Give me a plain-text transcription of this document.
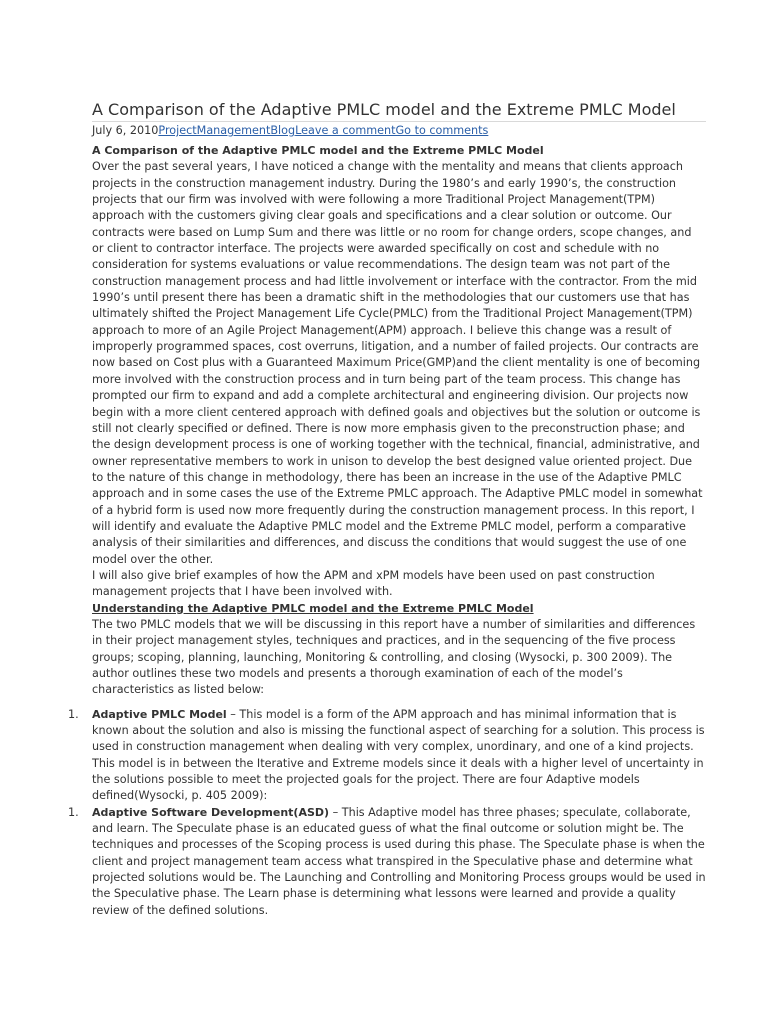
A Comparison of the Adaptive PMLC model and the Extreme PMLC Model
July 6, 2010ProjectManagementBlogLeave a commentGo to comments

A Comparison of the Adaptive PMLC model and the Extreme PMLC Model

Over the past several years, I have noticed a change with the mentality and means that clients approach projects in the construction management industry. During the 1980’s and early 1990’s, the construction projects that our firm was involved with were following a more Traditional Project Management(TPM) approach with the customers giving clear goals and specifications and a clear solution or outcome. Our contracts were based on Lump Sum and there was little or no room for change orders, scope changes, and or client to contractor interface. The projects were awarded specifically on cost and schedule with no consideration for systems evaluations or value recommendations. The design team was not part of the construction management process and had little involvement or interface with the contractor. From the mid 1990’s until present there has been a dramatic shift in the methodologies that our customers use that has ultimately shifted the Project Management Life Cycle(PMLC) from the Traditional Project Management(TPM) approach to more of an Agile Project Management(APM) approach. I believe this change was a result of improperly programmed spaces, cost overruns, litigation, and a number of failed projects. Our contracts are now based on Cost plus with a Guaranteed Maximum Price(GMP)and the client mentality is one of becoming more involved with the construction process and in turn being part of the team process. This change has prompted our firm to expand and add a complete architectural and engineering division. Our projects now begin with a more client centered approach with defined goals and objectives but the solution or outcome is still not clearly specified or defined. There is now more emphasis given to the preconstruction phase; and the design development process is one of working together with the technical, financial, administrative, and owner representative members to work in unison to develop the best designed value oriented project. Due to the nature of this change in methodology, there has been an increase in the use of the Adaptive PMLC approach and in some cases the use of the Extreme PMLC approach. The Adaptive PMLC model in somewhat of a hybrid form is used now more frequently during the construction management process. In this report, I will identify and evaluate the Adaptive PMLC model and the Extreme PMLC model, perform a comparative analysis of their similarities and differences, and discuss the conditions that would suggest the use of one model over the other.

I will also give brief examples of how the APM and xPM models have been used on past construction management projects that I have been involved with.

Understanding the Adaptive PMLC model and the Extreme PMLC Model

The two PMLC models that we will be discussing in this report have a number of similarities and differences in their project management styles, techniques and practices, and in the sequencing of the five process groups; scoping, planning, launching, Monitoring & controlling, and closing (Wysocki, p. 300 2009). The author outlines these two models and presents a thorough examination of each of the model’s characteristics as listed below:

1. Adaptive PMLC Model – This model is a form of the APM approach and has minimal information that is known about the solution and also is missing the functional aspect of searching for a solution. This process is used in construction management when dealing with very complex, unordinary, and one of a kind projects. This model is in between the Iterative and Extreme models since it deals with a higher level of uncertainty in the solutions possible to meet the projected goals for the project. There are four Adaptive models defined(Wysocki, p. 405 2009):
1. Adaptive Software Development(ASD) – This Adaptive model has three phases; speculate, collaborate, and learn. The Speculate phase is an educated guess of what the final outcome or solution might be. The techniques and processes of the Scoping process is used during this phase. The Speculate phase is when the client and project management team access what transpired in the Speculative phase and determine what projected solutions would be. The Launching and Controlling and Monitoring Process groups would be used in the Speculative phase. The Learn phase is determining what lessons were learned and provide a quality review of the defined solutions.
